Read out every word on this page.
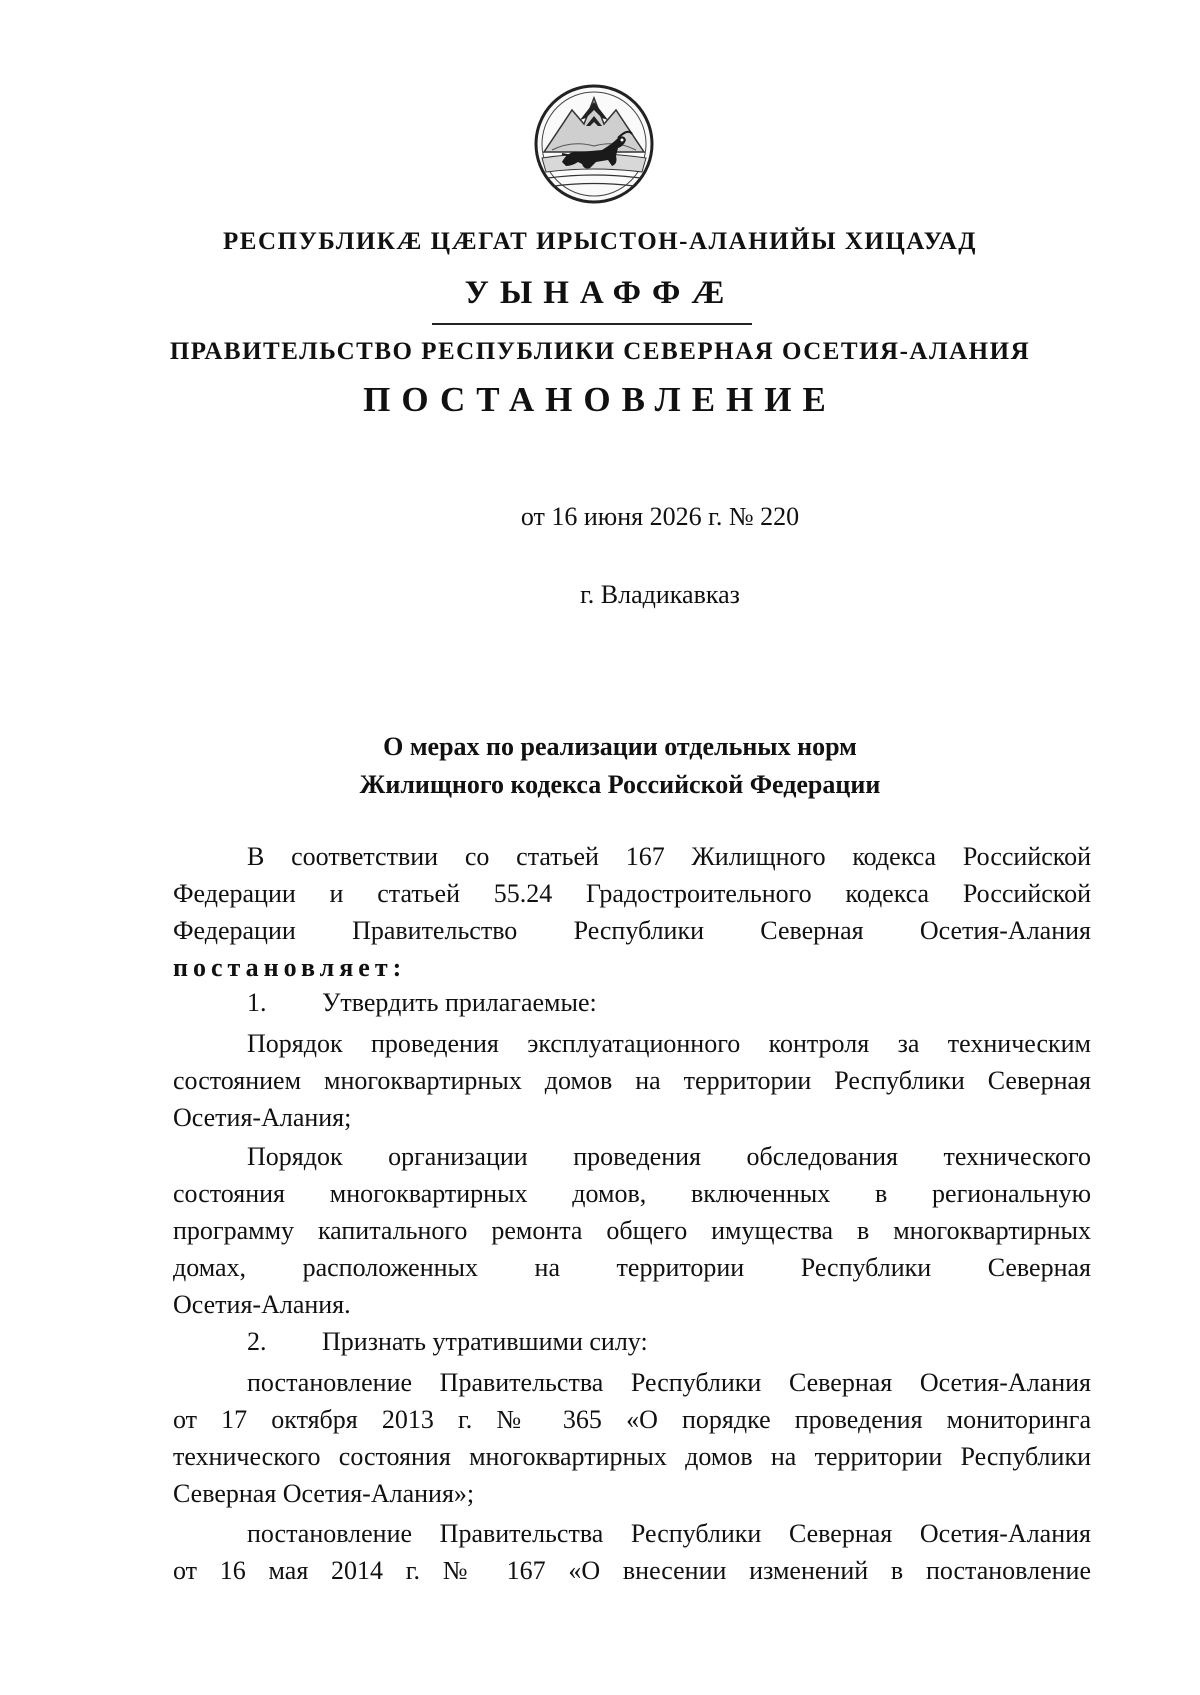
РЕСПУБЛИКӔ ЦӔГАТ ИРЫСТОН-АЛАНИЙЫ ХИЦАУАД
УЫНАФФӔ
ПРАВИТЕЛЬСТВО РЕСПУБЛИКИ СЕВЕРНАЯ ОСЕТИЯ-АЛАНИЯ
ПОСТАНОВЛЕНИЕ
от 16 июня 2026 г. № 220
г. Владикавказ
О мерах по реализации отдельных норм
Жилищного кодекса Российской Федерации
В соответствии со статьей 167 Жилищного кодекса Российской
Федерации и статьей 55.24 Градостроительного кодекса Российской
Федерации Правительство Республики Северная Осетия-Алания
постановляет:
1. Утвердить прилагаемые:
Порядок проведения эксплуатационного контроля за техническим
состоянием многоквартирных домов на территории Республики Северная
Осетия-Алания;
Порядок организации проведения обследования технического
состояния многоквартирных домов, включенных в региональную
программу капитального ремонта общего имущества в многоквартирных
домах, расположенных на территории Республики Северная
Осетия-Алания.
2. Признать утратившими силу:
постановление Правительства Республики Северная Осетия-Алания
от 17 октября 2013 г. № 365 «О порядке проведения мониторинга
технического состояния многоквартирных домов на территории Республики
Северная Осетия-Алания»;
постановление Правительства Республики Северная Осетия-Алания
от 16 мая 2014 г. № 167 «О внесении изменений в постановление
